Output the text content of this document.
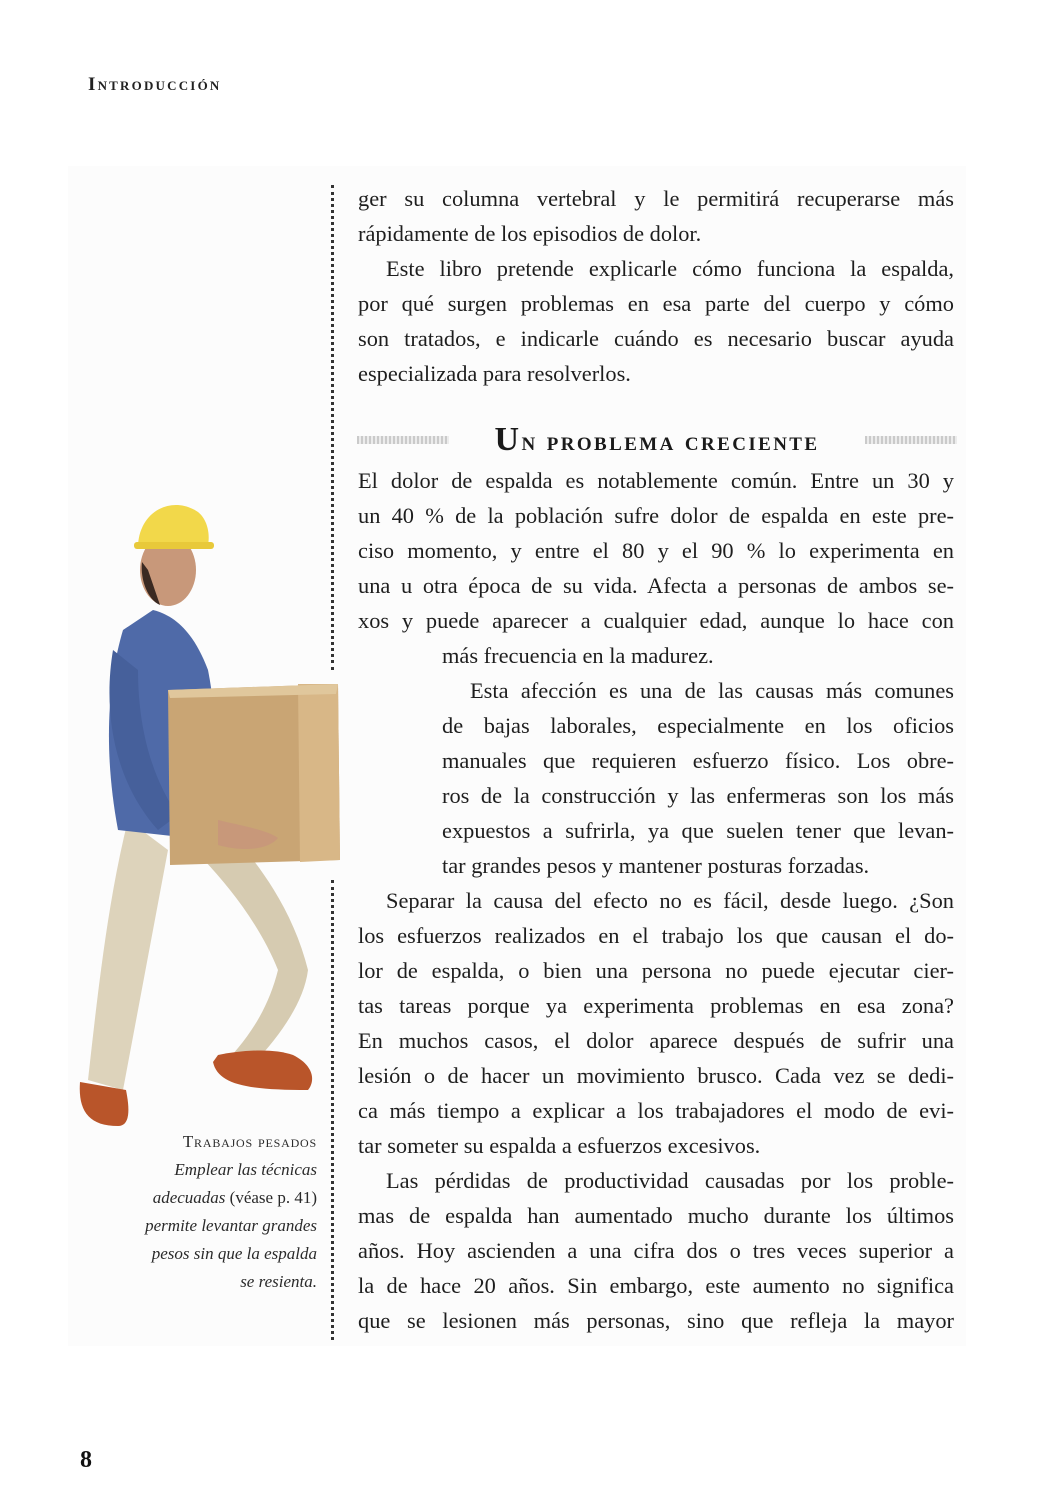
Introducción
ger su columna vertebral y le permitirá recuperarse más
rápidamente de los episodios de dolor.
Este libro pretende explicarle cómo funciona la espalda,
por qué surgen problemas en esa parte del cuerpo y cómo
son tratados, e indicarle cuándo es necesario buscar ayuda
especializada para resolverlos.
Un problema creciente
El dolor de espalda es notablemente común. Entre un 30 y
un 40 % de la población sufre dolor de espalda en este pre-
ciso momento, y entre el 80 y el 90 % lo experimenta en
una u otra época de su vida. Afecta a personas de ambos se-
xos y puede aparecer a cualquier edad, aunque lo hace con
más frecuencia en la madurez.
Esta afección es una de las causas más comunes
de bajas laborales, especialmente en los oficios
manuales que requieren esfuerzo físico. Los obre-
ros de la construcción y las enfermeras son los más
expuestos a sufrirla, ya que suelen tener que levan-
tar grandes pesos y mantener posturas forzadas.
Separar la causa del efecto no es fácil, desde luego. ¿Son
los esfuerzos realizados en el trabajo los que causan el do-
lor de espalda, o bien una persona no puede ejecutar cier-
tas tareas porque ya experimenta problemas en esa zona?
En muchos casos, el dolor aparece después de sufrir una
lesión o de hacer un movimiento brusco. Cada vez se dedi-
ca más tiempo a explicar a los trabajadores el modo de evi-
tar someter su espalda a esfuerzos excesivos.
Las pérdidas de productividad causadas por los proble-
mas de espalda han aumentado mucho durante los últimos
años. Hoy ascienden a una cifra dos o tres veces superior a
la de hace 20 años. Sin embargo, este aumento no significa
que se lesionen más personas, sino que refleja la mayor
Trabajos pesados
Emplear las técnicas
adecuadas (véase p. 41)
permite levantar grandes
pesos sin que la espalda
se resienta.
8
